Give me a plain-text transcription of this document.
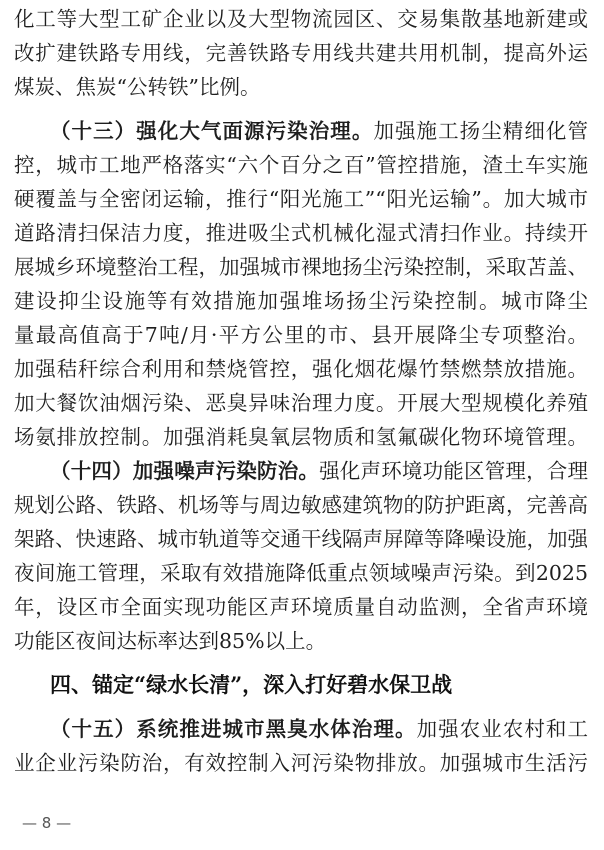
化工等大型工矿企业以及大型物流园区、交易集散基地新建或
改扩建铁路专用线，完善铁路专用线共建共用机制，提高外运
煤炭、焦炭“公转铁”比例。
（十三）强化大气面源污染治理。加强施工扬尘精细化管
控，城市工地严格落实“六个百分之百”管控措施，渣土车实施
硬覆盖与全密闭运输，推行“阳光施工”“阳光运输”。加大城市
道路清扫保洁力度，推进吸尘式机械化湿式清扫作业。持续开
展城乡环境整治工程，加强城市裸地扬尘污染控制，采取苫盖、
建设抑尘设施等有效措施加强堆场扬尘污染控制。城市降尘
量最高值高于7吨/月·平方公里的市、县开展降尘专项整治。
加强秸秆综合利用和禁烧管控，强化烟花爆竹禁燃禁放措施。
加大餐饮油烟污染、恶臭异味治理力度。开展大型规模化养殖
场氨排放控制。加强消耗臭氧层物质和氢氟碳化物环境管理。
（十四）加强噪声污染防治。强化声环境功能区管理，合理
规划公路、铁路、机场等与周边敏感建筑物的防护距离，完善高
架路、快速路、城市轨道等交通干线隔声屏障等降噪设施，加强
夜间施工管理，采取有效措施降低重点领域噪声污染。到2025
年，设区市全面实现功能区声环境质量自动监测，全省声环境
功能区夜间达标率达到85%以上。
四、锚定“绿水长清”，深入打好碧水保卫战
（十五）系统推进城市黑臭水体治理。加强农业农村和工
业企业污染防治，有效控制入河污染物排放。加强城市生活污
— 8 —
